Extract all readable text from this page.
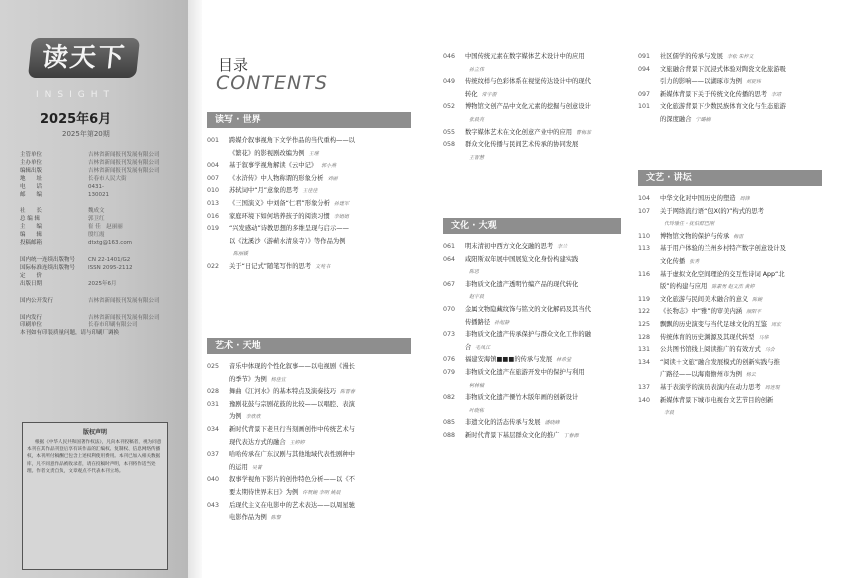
读天下
INSIGHT
2025年6月
2025年第20期
主管单位	吉林省新闻报刊发展有限公司
主办单位	吉林省新闻报刊发展有限公司
编辑出版	吉林省新闻报刊发展有限公司
地　　址	长春市人民大街
电　　话	0431-
邮　　编	130021
社　　长	魏成文
总 编 辑	郭卫红
主　　编	崔 佳　赵丽丽
编　　辑	殷红霞
投稿邮箱	dtxtg@163.com
国内统一连续出版物号	CN 22-1401/G2
国际标准连续出版物号	ISSN 2095-2112
定　　价
出版日期	2025年6月
国内公开发行	吉林省新闻报刊发展有限公司
国内发行	吉林省新闻报刊发展有限公司
印刷单位	长春市印刷有限公司
本刊如有印装质量问题，请与印刷厂调换
版权声明
根据《中华人民共和国著作权法》，凡向本刊投稿者，视为同意本刊在其作品刊登后享有该作品的汇编权、复制权、信息网络传播权，本刊所付稿酬已包含上述权利使用费用。本刊已加入相关数据库，凡不同意作品被收录者，请在投稿时声明，本刊将作适当处理。作者文责自负，文章观点不代表本刊立场。
目录
CONTENTS
读写 · 世界
001 跨媒介叙事视角下文学作品的当代重构——以
《繁花》的影视剧改编为例 王瑾
004 基于叙事学视角解读《云中记》 郭小燕
007 《水浒传》中人物称谓的形象分析 刘丽
010 苏轼词中“月”意象的思考 王佳佳
013 《三国演义》中刘备“仁君”形象分析 孙建军
016 家庭环境下如何培养孩子的阅读习惯 李娟娟
019 “兴发感动”诗教思想的多维呈现与启示——
以《沈溪沙（游蕲水清泉寺）》等作品为例
陈丽媛
022 关于“日记式”随笔写作的思考 文苑书
艺术 · 天地
025 音乐中体现的个性化叙事——以电视剧《漫长
的季节》为例 杨佳宜
028 舞曲《江河水》的基本特点及演奏技巧 陈晋春
031 豫剧花鼓与宗剧花鼓的比较——以唱腔、表演
为例 李欣欣
034 新时代背景下老旦行当刻画创作中传统艺术与
现代表达方式的融合 王婷婷
037 哈哈传承在广东汉剧与其他地域代表性剧种中
的运用 吴菁
040 叙事学视角下影片的创作特色分析——以《不
要太期待世界末日》为例 许賀婉 李明 姚晨
043 后现代主义在电影中的艺术表达——以周星驰
电影作品为例 陈黎
046 中国传统元素在数字媒体艺术设计中的应用
孙立伟
049 传统纹样与色彩体系在视觉传达设计中的现代
转化 常宇游
052 博物馆文创产品中文化元素的挖掘与创意设计
张晨亮
055 数字媒体艺术在文化创意产业中的应用 曹梅菲
058 群众文化传播与民间艺术传承的协同发展
王智慧
文化 · 大观
061 明末清初中西方文化交融的思考 李兰
064 咸阳斯双年展中国展览文化身份构建实践
陈思
067 非物质文化遗产透明竹编产品的现代转化
赵宇晨
070 金属文物隐藏纹饰与铭文的文化解码及其当代
传播路径 孙旭静
073 非物质文化遗产传承保护与群众文化工作的融
合 毛凤江
076 福建安海镇■■■的传承与发展 林希莹
079 非物质文化遗产在旅游开发中的保护与利用
柯林楠
082 非物质文化遗产傈竹木版年画的创新设计
叶晓栋
085 非遗文化的活态传承与发展 潘晓峰
088 新时代背景下基层群众文化的推广 丁春源
091 社区儒学的传承与发展 李松 朱梓文
094 文旅融合背景下沉浸式体验对陶瓷文化旅游吸
引力的影响——以湖琢市为例 刘夏炜
097 新媒体背景下关于传统文化传播的思考 李靖
101 文化旅游背景下少数民族体育文化与生态旅游
的深度融合 宁璐楠
文艺 · 讲坛
104 中华文化对中国历史的塑造 周锋
107 关于网络流行语“包X(的)”构式的思考
代玲瑜任・抚伯群巴刚
110 博物馆文物的保护与传承 梅雷
113 基于用户体验的兰州乡村特产数字创意设计及
文化传播 张秀
116 基于虚拟文化空间理论的交互性诗词 App“北
版”的构建与应用 陈素男 赵文浩 黄婷
119 文化旅游与民间美术融合的意义 陈婉
122 《长物志》中“雅”的审美内涵 颜阳平
125 飘飘的历史演变与当代足球文化的互鉴 周宏
128 传统体育的历史渊源及其现代转型 马华
131 公共图书馆线上阅读推广的有效方式 马会
134 “阅读＋文旅”融合发展模式的创新实践与推
广路径——以海南儋州市为例 杨云
137 基于表演学的演员表演内在动力思考 周连琨
140 新媒体背景下城市电视台文艺节目的创新
李晨
